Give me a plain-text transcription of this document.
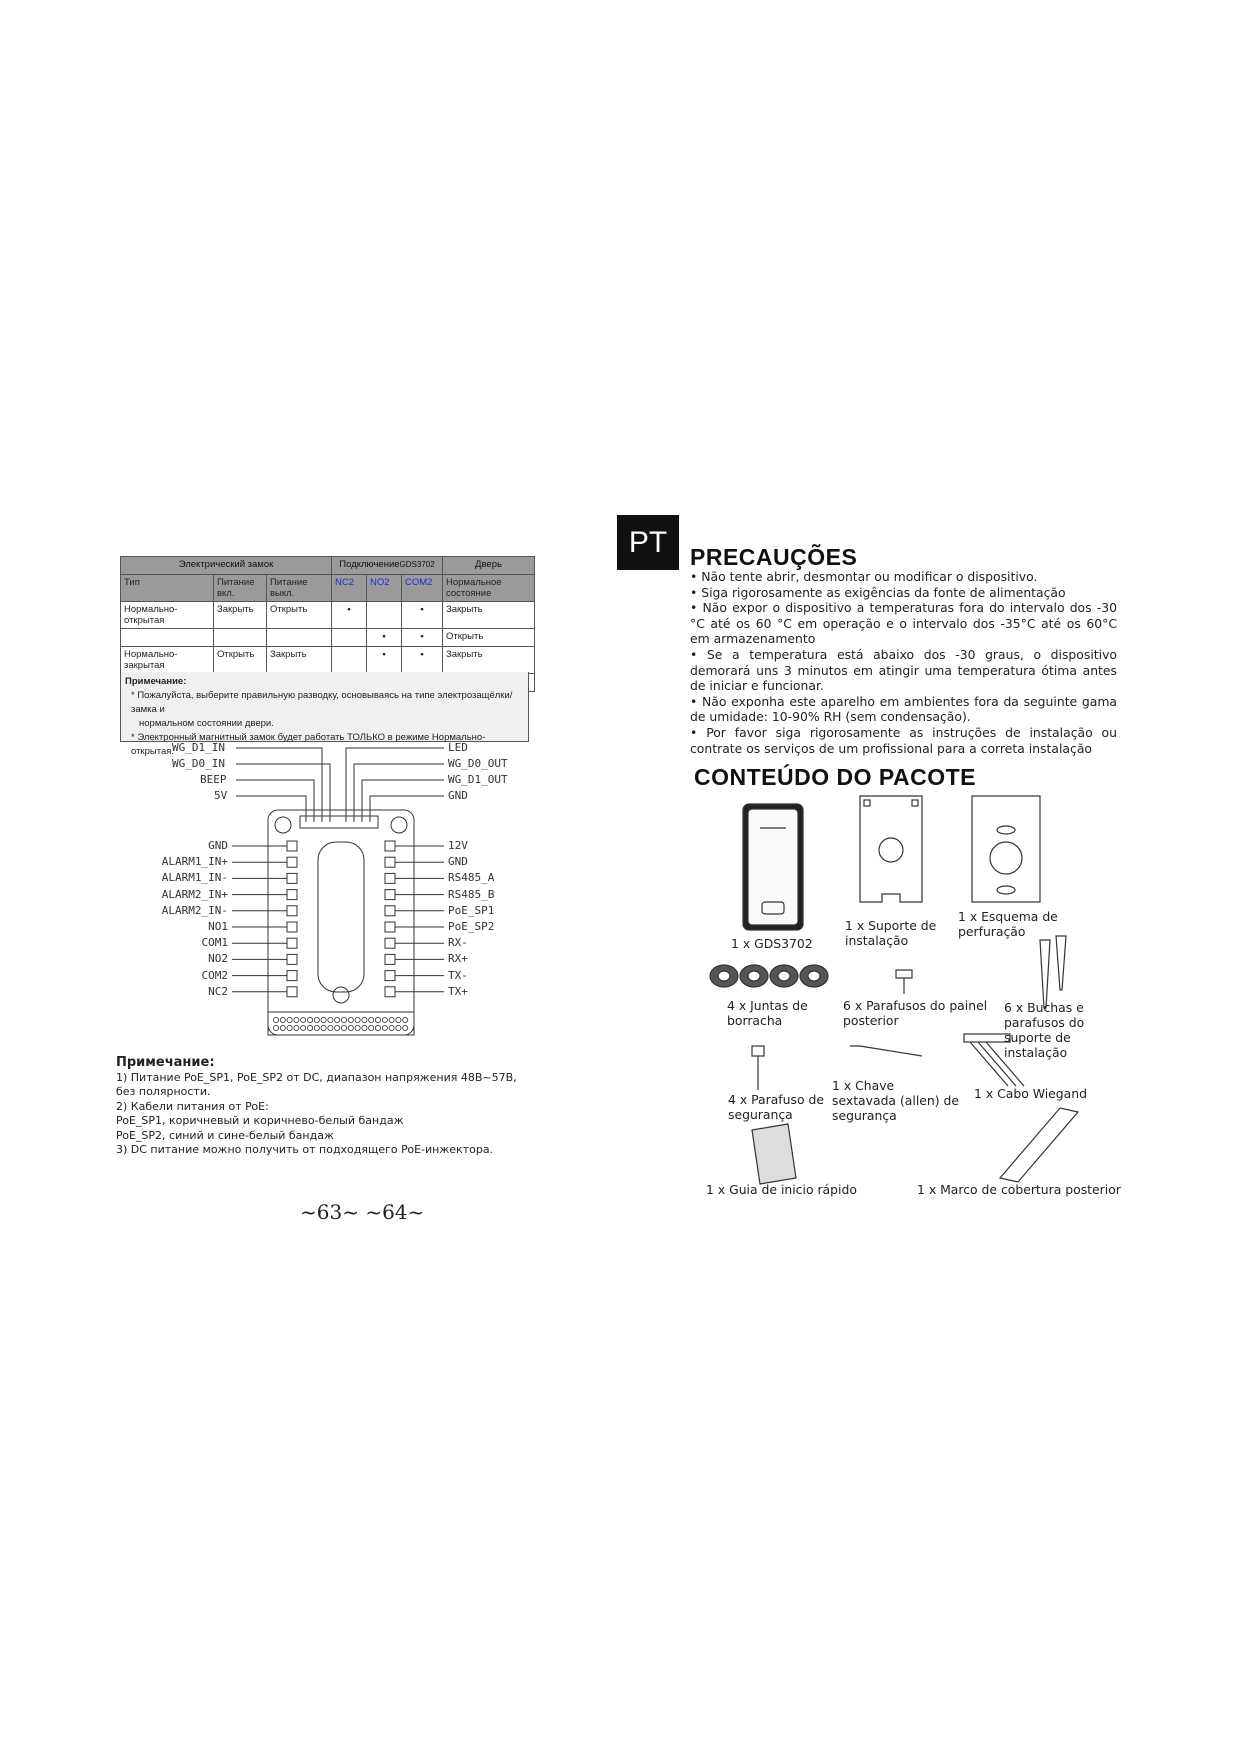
Электрический замок			ПодключениеGDS3702			Дверь
Тип	Питание вкл.	Питание выкл.	NC2	NO2	COM2	Нормальное состояние
Нормально-открытая	Закрыть	Открыть	•		•	Закрыть
				•	•	Открыть
Нормально-закрытая	Открыть	Закрыть		•	•	Закрыть

Примечание:
* Пожалуйста, выберите правильную разводку, основываясь на типе электрозащёлки/замка и
нормальном состоянии двери.
* Электронный магнитный замок будет работать ТОЛЬКО в режиме Нормально-открытая.
WG_D1_IN
WG_D0_IN
BEEP
5V
LED
WG_D0_OUT
WG_D1_OUT
GND
GND
ALARM1_IN+
ALARM1_IN-
ALARM2_IN+
ALARM2_IN-
NO1
COM1
NO2
COM2
NC2
12V
GND
RS485_A
RS485_B
PoE_SP1
PoE_SP2
RX-
RX+
TX-
TX+
Примечание:
1) Питание PoE_SP1, PoE_SP2 от DC, диапазон напряжения 48В~57В,
без полярности.
2) Кабели питания от PoE:
PoE_SP1, коричневый и коричнево-белый бандаж
PoE_SP2, синий и сине-белый бандаж
3) DC питание можно получить от подходящего PoE-инжектора.
~63~ ~64~
PT PRECAUÇÕES

• Não tente abrir, desmontar ou modificar o dispositivo.

• Siga rigorosamente as exigências da fonte de alimentação

• Não expor o dispositivo a temperaturas fora do intervalo dos -30 °C até os 60 °C em operação e o intervalo dos -35°C até os 60°C em armazenamento

• Se a temperatura está abaixo dos -30 graus, o dispositivo demorará uns 3 minutos em atingir uma temperatura ótima antes de iniciar e funcionar.

• Não exponha este aparelho em ambientes fora da seguinte gama de umidade: 10-90% RH (sem condensação).

• Por favor siga rigorosamente as instruções de instalação ou contrate os serviços de um profissional para a correta instalação

CONTEÚDO DO PACOTE
1 x GDS3702
1 x Suporte de instalação
1 x Esquema de perfuração
4 x Juntas de borracha
6 x Parafusos do painel posterior
6 x Buchas e parafusos do suporte de instalação
4 x Parafuso de segurança
1 x Chave sextavada (allen) de segurança
1 x Cabo Wiegand
1 x Guia de inicio rápido	1 x Marco de cobertura posterior
